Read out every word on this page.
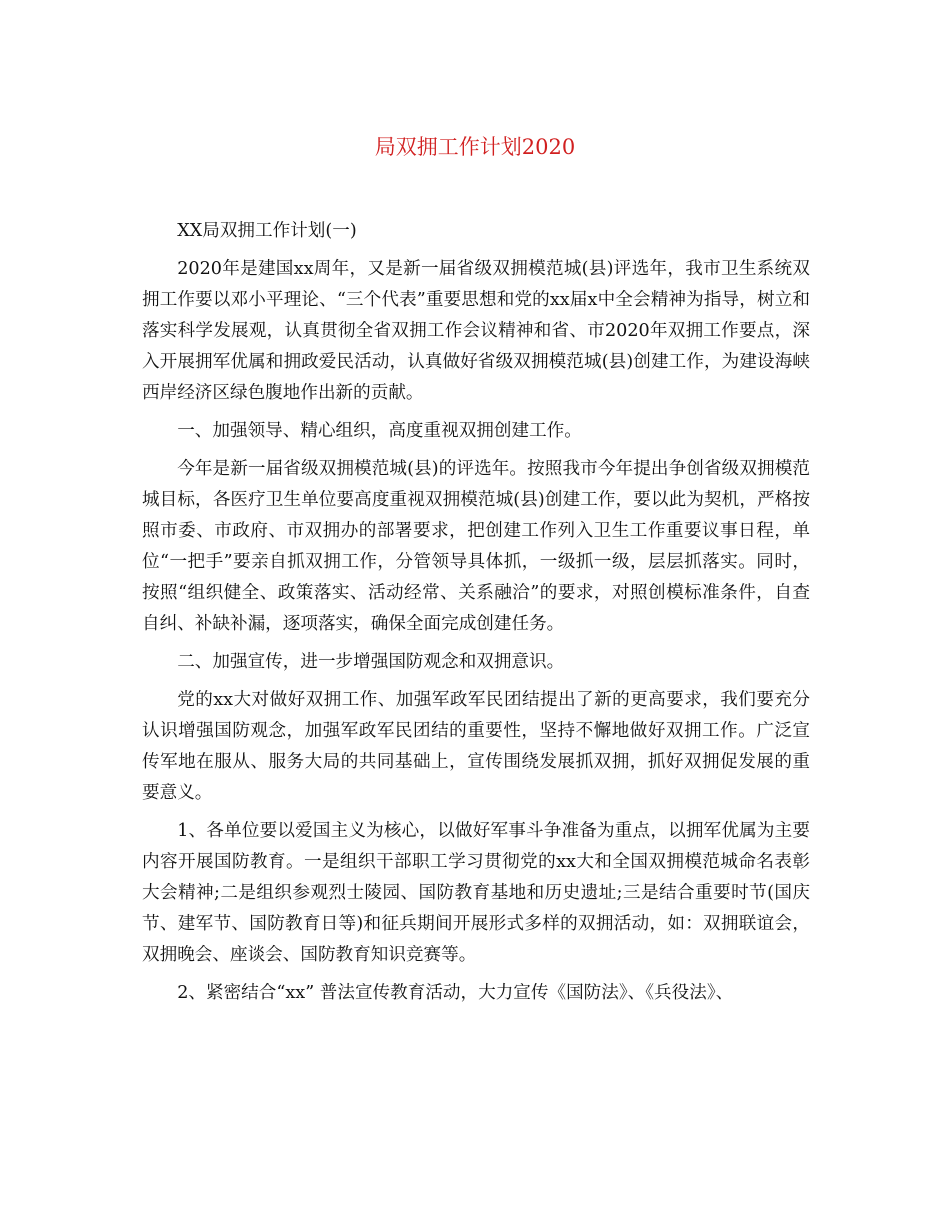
局双拥工作计划2020

XX局双拥工作计划(一)

2020年是建国xx周年，又是新一届省级双拥模范城(县)评选年，我市卫生系统双拥工作要以邓小平理论、“三个代表”重要思想和党的xx届x中全会精神为指导，树立和落实科学发展观，认真贯彻全省双拥工作会议精神和省、市2020年双拥工作要点，深入开展拥军优属和拥政爱民活动，认真做好省级双拥模范城(县)创建工作，为建设海峡西岸经济区绿色腹地作出新的贡献。

一、加强领导、精心组织，高度重视双拥创建工作。

今年是新一届省级双拥模范城(县)的评选年。按照我市今年提出争创省级双拥模范城目标，各医疗卫生单位要高度重视双拥模范城(县)创建工作，要以此为契机，严格按照市委、市政府、市双拥办的部署要求，把创建工作列入卫生工作重要议事日程，单位“一把手”要亲自抓双拥工作，分管领导具体抓，一级抓一级，层层抓落实。同时，按照“组织健全、政策落实、活动经常、关系融洽”的要求，对照创模标准条件，自查自纠、补缺补漏，逐项落实，确保全面完成创建任务。

二、加强宣传，进一步增强国防观念和双拥意识。

党的xx大对做好双拥工作、加强军政军民团结提出了新的更高要求，我们要充分认识增强国防观念，加强军政军民团结的重要性，坚持不懈地做好双拥工作。广泛宣传军地在服从、服务大局的共同基础上，宣传围绕发展抓双拥，抓好双拥促发展的重要意义。

1、各单位要以爱国主义为核心，以做好军事斗争准备为重点，以拥军优属为主要内容开展国防教育。一是组织干部职工学习贯彻党的xx大和全国双拥模范城命名表彰大会精神;二是组织参观烈士陵园、国防教育基地和历史遗址;三是结合重要时节(国庆节、建军节、国防教育日等)和征兵期间开展形式多样的双拥活动，如：双拥联谊会，双拥晚会、座谈会、国防教育知识竞赛等。

2、紧密结合“xx” 普法宣传教育活动，大力宣传《国防法》、《兵役法》、
